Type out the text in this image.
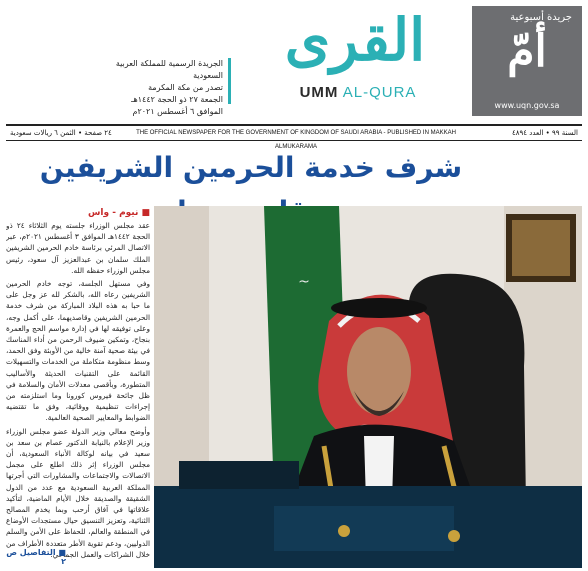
جريدة أسبوعية
أمّ
www.uqn.gov.sa
القرى
UMM AL-QURA
الجريدة الرسمية للمملكة العربية السعودية
تصدر من مكة المكرمة
الجمعة ٢٧ ذو الحجة ١٤٤٢هـ
الموافق ٦ أغسطس ٢٠٢١م
٢٤ صفحة • الثمن ٦ ريالات سعودية	THE OFFICIAL NEWSPAPER FOR THE GOVERNMENT OF KINGDOM OF SAUDI ARABIA - PUBLISHED IN MAKKAH ALMUKARAMA
السنة ٩٩ • العدد ٤٨٩٤
شرف خدمة الحرمين الشريفين
■ نيوم - واس

عقد مجلس الوزراء جلسته يوم الثلاثاء ٢٤ ذو الحجة ١٤٤٢هـ الموافق ٣ أغسطس ٢٠٢١م، عبر الاتصال المرئي برئاسة خادم الحرمين الشريفين الملك سلمان بن عبدالعزيز آل سعود، رئيس مجلس الوزراء حفظه الله.

وفي مستهل الجلسة، توجه خادم الحرمين الشريفين رعاه الله، بالشكر لله عز وجل على ما حبا به هذه البلاد المباركة من شرف خدمة الحرمين الشريفين وقاصديهما، على أكمل وجه، وعلى توفيقه لها في إدارة مواسم الحج والعمرة بنجاح، وتمكين ضيوف الرحمن من أداء المناسك في بيئة صحية آمنة خالية من الأوبئة وفق الحمد، وسط منظومة متكاملة من الخدمات والتسهيلات القائمة على التقنيات الحديثة والأساليب المتطورة، وبأقصى معدلات الأمان والسلامة في ظل جائحة فيروس كورونا وما استلزمته من إجراءات تنظيمية ووقائية، وفق ما تقتضيه الضوابط والمعايير الصحية العالمية.

وأوضح معالي وزير الدولة عضو مجلس الوزراء وزير الإعلام بالنيابة الدكتور عصام بن سعد بن سعيد في بيانه لوكالة الأنباء السعودية، أن مجلس الوزراء إثر ذلك اطلع على مجمل الاتصالات والاجتماعات والمشاورات التي أجرتها المملكة العربية السعودية مع عدد من الدول الشقيقة والصديقة خلال الأيام الماضية، لتأكيد علاقاتها في آفاق أرحب وبما يخدم المصالح الثنائية، وتعزيز التنسيق حيال مستجدات الأوضاع في المنطقة والعالم، للحفاظ على الأمن والسلم الدوليين، ودعم تقوية الأطر متعددة الأطراف من خلال الشراكات والعمل الجماعي.

■ التفاصيل ص ٢
~
